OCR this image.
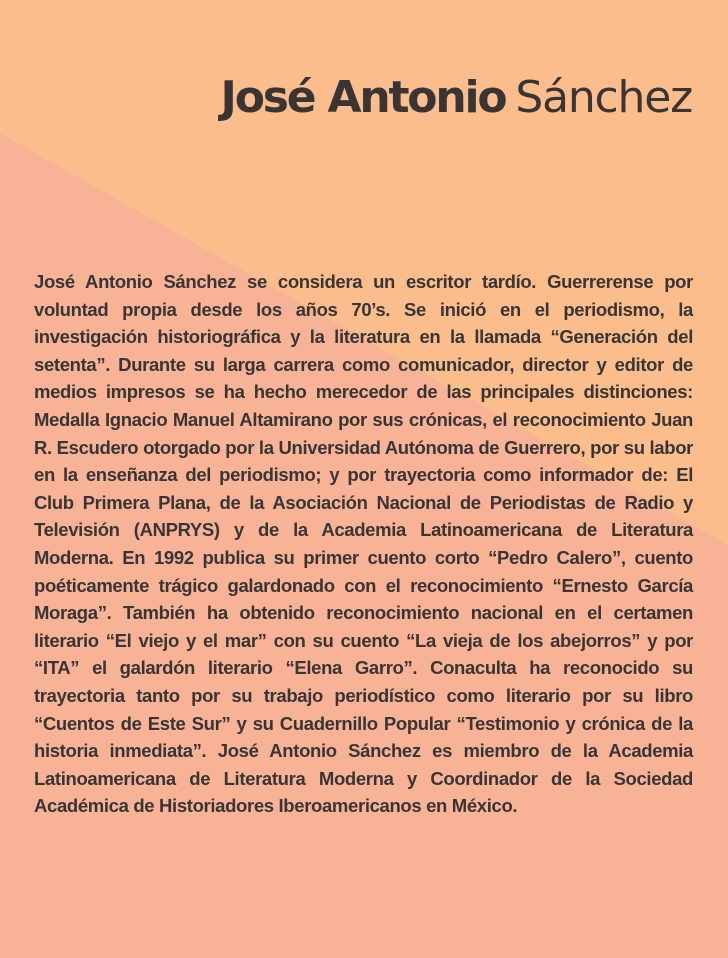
José Antonio Sánchez

José Antonio Sánchez se considera un escritor tardío. Guerrerense por voluntad propia desde los años 70’s. Se inició en el periodismo, la investigación historiográfica y la literatura en la llamada “Generación del setenta”. Durante su larga carrera como comunicador, director y editor de medios impresos se ha hecho merecedor de las principales distinciones: Medalla Ignacio Manuel Altamirano por sus crónicas, el reconocimiento Juan R. Escudero otorgado por la Universidad Autónoma de Guerrero, por su labor en la enseñanza del periodismo; y por trayectoria como informador de: El Club Primera Plana, de la Asociación Nacional de Periodistas de Radio y Televisión (ANPRYS) y de la Academia Latinoamericana de Literatura Moderna. En 1992 publica su primer cuento corto “Pedro Calero”, cuento poéticamente trágico galardonado con el reconocimiento “Ernesto García Moraga”. También ha obtenido reconocimiento nacional en el certamen literario “El viejo y el mar” con su cuento “La vieja de los abejorros” y por “ITA” el galardón literario “Elena Garro”. Conaculta ha reconocido su trayectoria tanto por su trabajo periodístico como literario por su libro “Cuentos de Este Sur” y su Cuadernillo Popular “Testimonio y crónica de la historia inmediata”. José Antonio Sánchez es miembro de la Academia Latinoamericana de Literatura Moderna y Coordinador de la Sociedad Académica de Historiadores Iberoamericanos en México.
